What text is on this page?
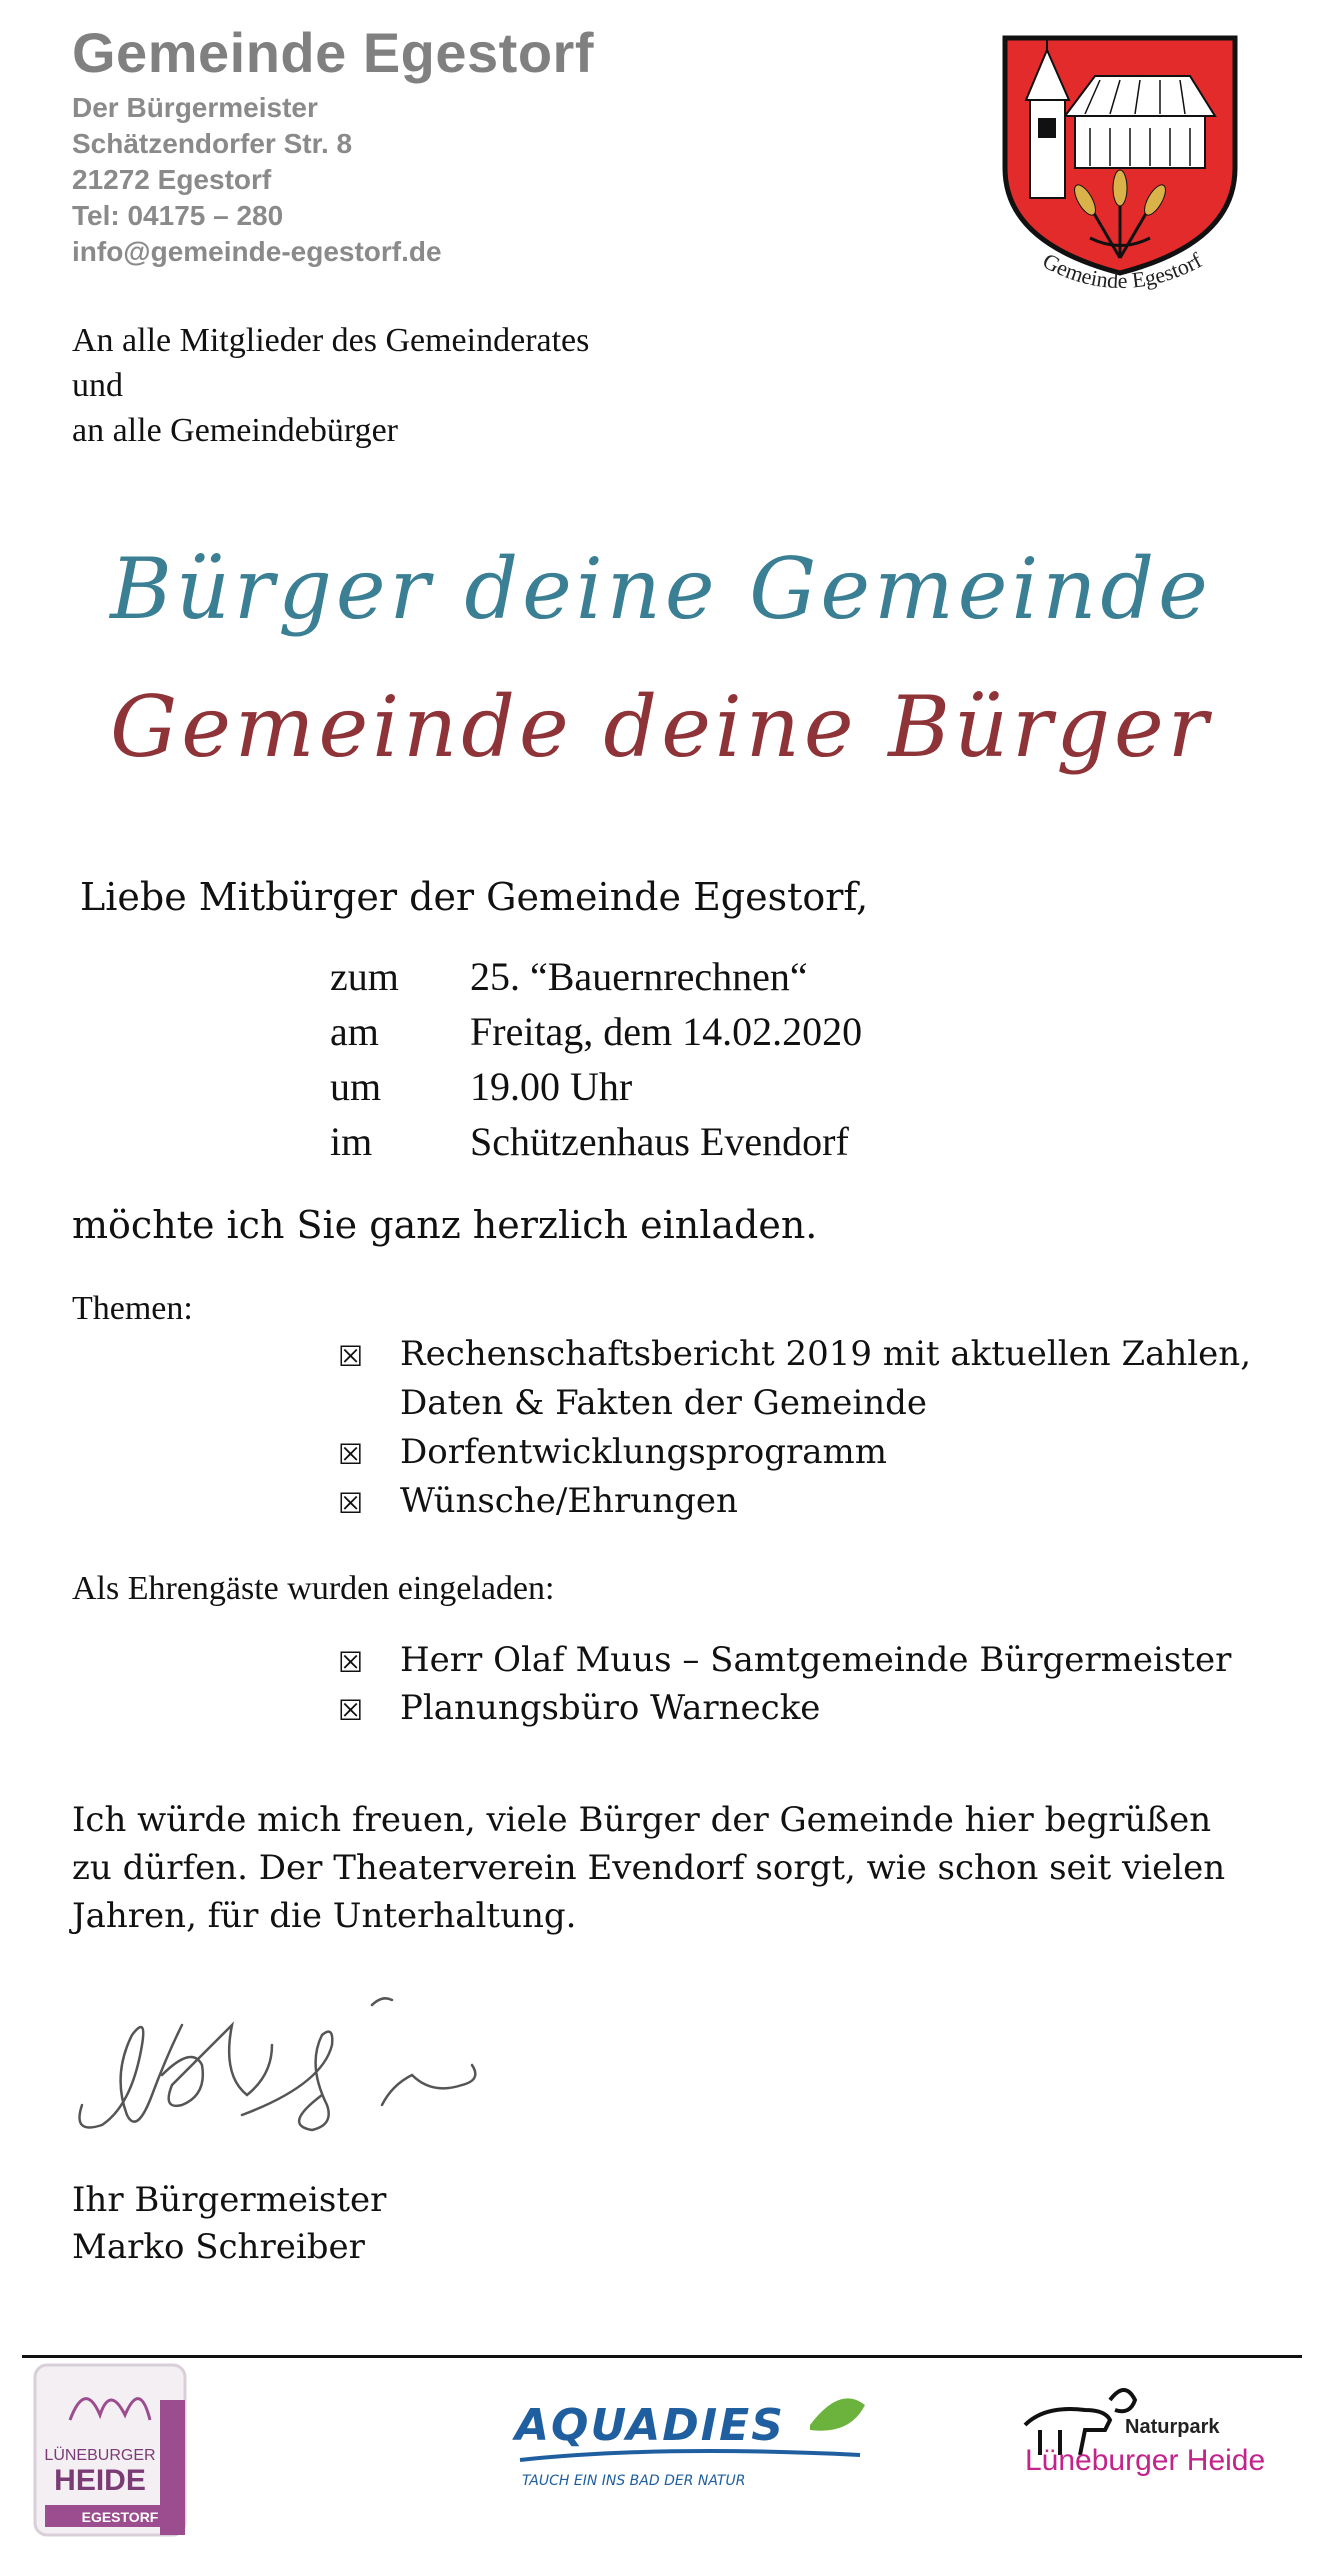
Gemeinde Egestorf
Der Bürgermeister
Schätzendorfer Str. 8
21272 Egestorf
Tel: 04175 – 280
info@gemeinde-egestorf.de	Gemeinde Egestorf
An alle Mitglieder des Gemeinderates
und
an alle Gemeindebürger
Bürger deine Gemeinde
Gemeinde deine Bürger
Liebe Mitbürger der Gemeinde Egestorf,
zum 25. “Bauernrechnen“
am Freitag, dem 14.02.2020
um 19.00 Uhr
im Schützenhaus Evendorf
möchte ich Sie ganz herzlich einladen.
Themen:
☒ Rechenschaftsbericht 2019 mit aktuellen Zahlen,
Daten & Fakten der Gemeinde
☒ Dorfentwicklungsprogramm
☒ Wünsche/Ehrungen
Als Ehrengäste wurden eingeladen:
☒ Herr Olaf Muus – Samtgemeinde Bürgermeister
☒ Planungsbüro Warnecke
Ich würde mich freuen, viele Bürger der Gemeinde hier begrüßen
zu dürfen. Der Theaterverein Evendorf sorgt, wie schon seit vielen
Jahren, für die Unterhaltung.
Ihr Bürgermeister
Marko Schreiber
LÜNEBURGER
HEIDE
EGESTORF
AQUADIES
TAUCH EIN INS BAD DER NATUR
Naturpark
Lüneburger Heide
